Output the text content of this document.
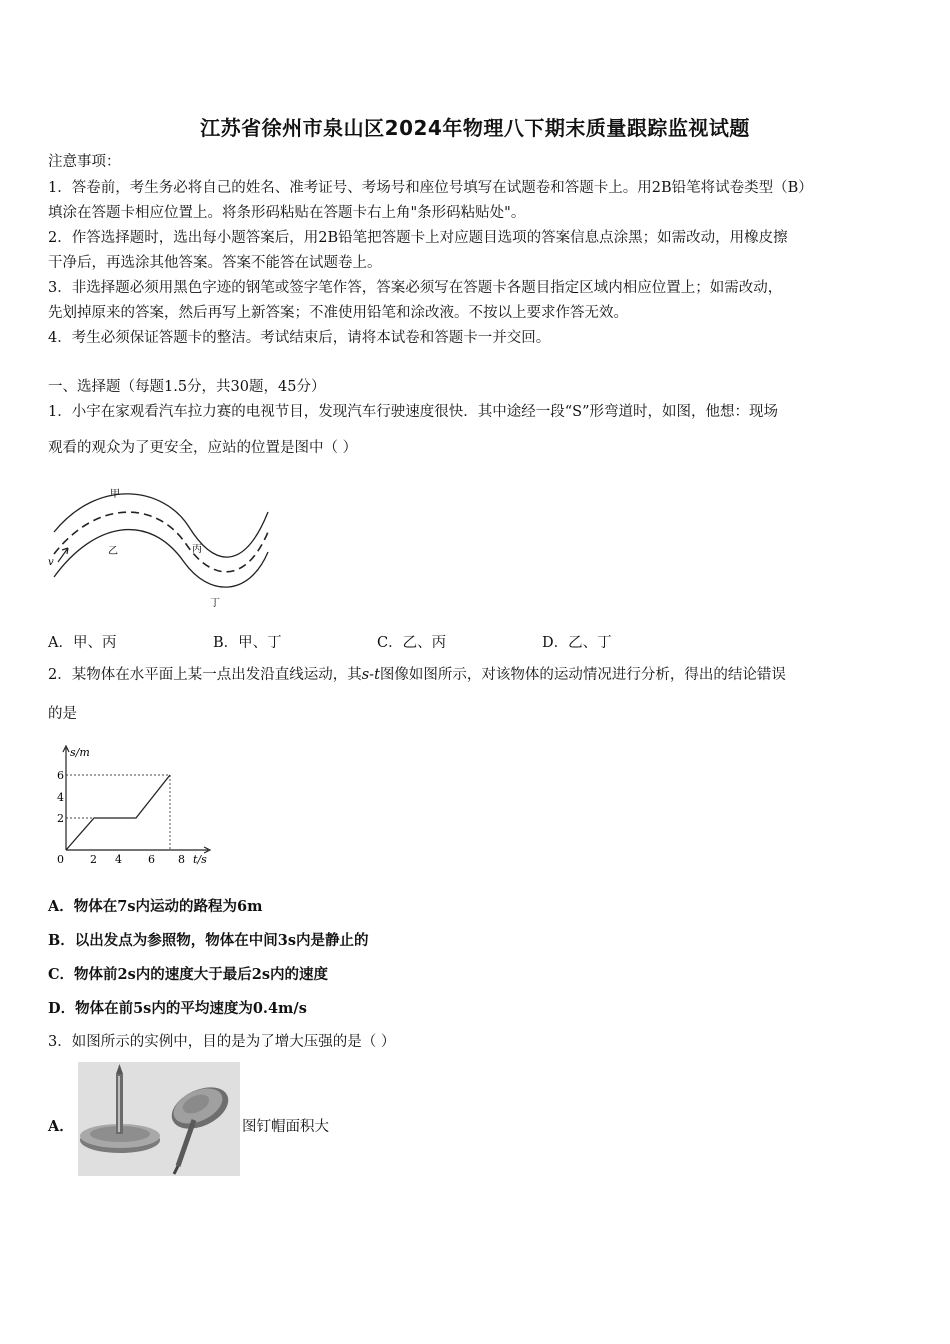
江苏省徐州市泉山区2024年物理八下期末质量跟踪监视试题
注意事项：
1．答卷前，考生务必将自己的姓名、准考证号、考场号和座位号填写在试题卷和答题卡上。用2B铅笔将试卷类型（B）
填涂在答题卡相应位置上。将条形码粘贴在答题卡右上角"条形码粘贴处"。
2．作答选择题时，选出每小题答案后，用2B铅笔把答题卡上对应题目选项的答案信息点涂黑；如需改动，用橡皮擦
干净后，再选涂其他答案。答案不能答在试题卷上。
3．非选择题必须用黑色字迹的钢笔或签字笔作答，答案必须写在答题卡各题目指定区域内相应位置上；如需改动，
先划掉原来的答案，然后再写上新答案；不准使用铅笔和涂改液。不按以上要求作答无效。
4．考生必须保证答题卡的整洁。考试结束后，请将本试卷和答题卡一并交回。
一、选择题（每题1.5分，共30题，45分）
1．小宇在家观看汽车拉力赛的电视节目，发现汽车行驶速度很快．其中途经一段“S”形弯道时，如图，他想：现场
观看的观众为了更安全，应站的位置是图中（ ）
v
甲
乙	丙
丁
A．甲、丙	B．甲、丁	C．乙、丙	D．乙、丁
2．某物体在水平面上某一点出发沿直线运动，其s-t图像如图所示，对该物体的运动情况进行分析，得出的结论错误
的是
s/m
t/s
2
4
6
0 2 4 6 8
A．物体在7s内运动的路程为6m
B．以出发点为参照物，物体在中间3s内是静止的
C．物体前2s内的速度大于最后2s内的速度
D．物体在前5s内的平均速度为0.4m/s
3．如图所示的实例中，目的是为了增大压强的是（ ）
A．	图钉帽面积大
